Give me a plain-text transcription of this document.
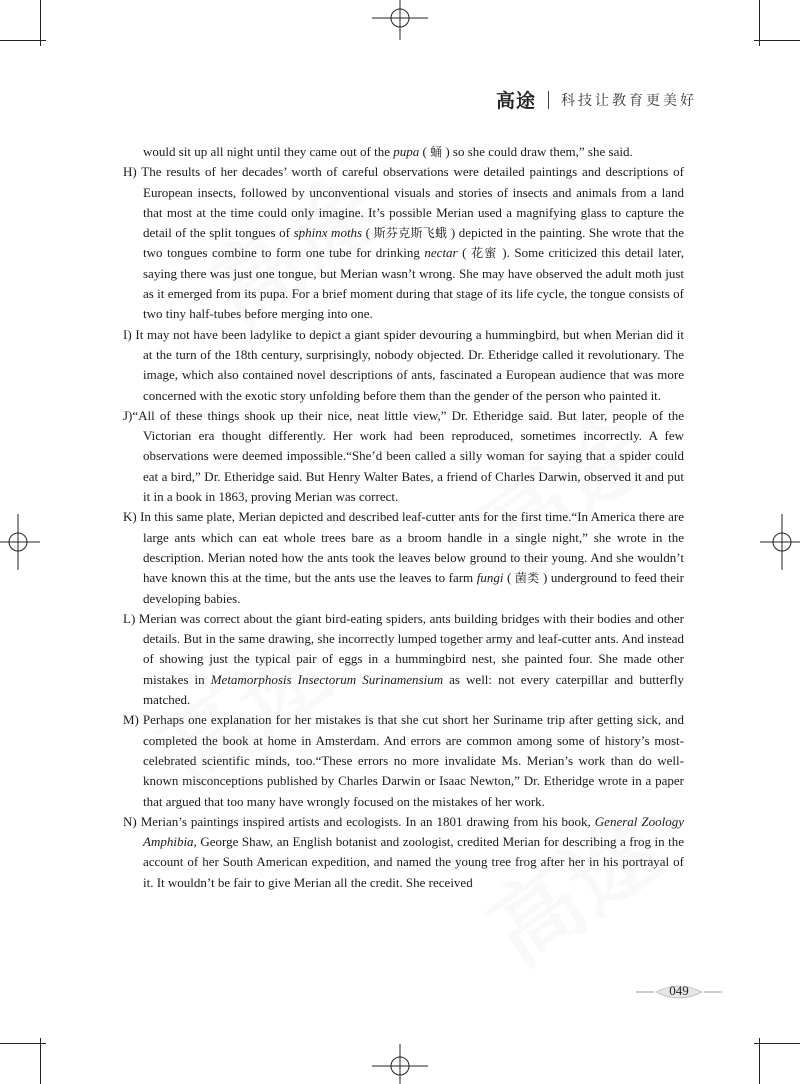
高途 科技让教育更美好

would sit up all night until they came out of the pupa ( 蛹 ) so she could draw them,” she said.

H) The results of her decades’ worth of careful observations were detailed paintings and descriptions of European insects, followed by unconventional visuals and stories of insects and animals from a land that most at the time could only imagine. It’s possible Merian used a magnifying glass to capture the detail of the split tongues of sphinx moths ( 斯芬克斯飞蛾 ) depicted in the painting. She wrote that the two tongues combine to form one tube for drinking nectar ( 花蜜 ). Some criticized this detail later, saying there was just one tongue, but Merian wasn’t wrong. She may have observed the adult moth just as it emerged from its pupa. For a brief moment during that stage of its life cycle, the tongue consists of two tiny half-tubes before merging into one.

I) It may not have been ladylike to depict a giant spider devouring a hummingbird, but when Merian did it at the turn of the 18th century, surprisingly, nobody objected. Dr. Etheridge called it revolutionary. The image, which also contained novel descriptions of ants, fascinated a European audience that was more concerned with the exotic story unfolding before them than the gender of the person who painted it.

J)“All of these things shook up their nice, neat little view,” Dr. Etheridge said. But later, people of the Victorian era thought differently. Her work had been reproduced, sometimes incorrectly. A few observations were deemed impossible.“She’d been called a silly woman for saying that a spider could eat a bird,” Dr. Etheridge said. But Henry Walter Bates, a friend of Charles Darwin, observed it and put it in a book in 1863, proving Merian was correct.

K) In this same plate, Merian depicted and described leaf-cutter ants for the first time.“In America there are large ants which can eat whole trees bare as a broom handle in a single night,” she wrote in the description. Merian noted how the ants took the leaves below ground to their young. And she wouldn’t have known this at the time, but the ants use the leaves to farm fungi ( 菌类 ) underground to feed their developing babies.

L) Merian was correct about the giant bird-eating spiders, ants building bridges with their bodies and other details. But in the same drawing, she incorrectly lumped together army and leaf-cutter ants. And instead of showing just the typical pair of eggs in a hummingbird nest, she painted four. She made other mistakes in Metamorphosis Insectorum Surinamensium as well: not every caterpillar and butterfly matched.

M) Perhaps one explanation for her mistakes is that she cut short her Suriname trip after getting sick, and completed the book at home in Amsterdam. And errors are common among some of history’s most-celebrated scientific minds, too.“These errors no more invalidate Ms. Merian’s work than do well-known misconceptions published by Charles Darwin or Isaac Newton,” Dr. Etheridge wrote in a paper that argued that too many have wrongly focused on the mistakes of her work.

N) Merian’s paintings inspired artists and ecologists. In an 1801 drawing from his book, General Zoology Amphibia, George Shaw, an English botanist and zoologist, credited Merian for describing a frog in the account of her South American expedition, and named the young tree frog after her in his portrayal of it. It wouldn’t be fair to give Merian all the credit. She received

049
